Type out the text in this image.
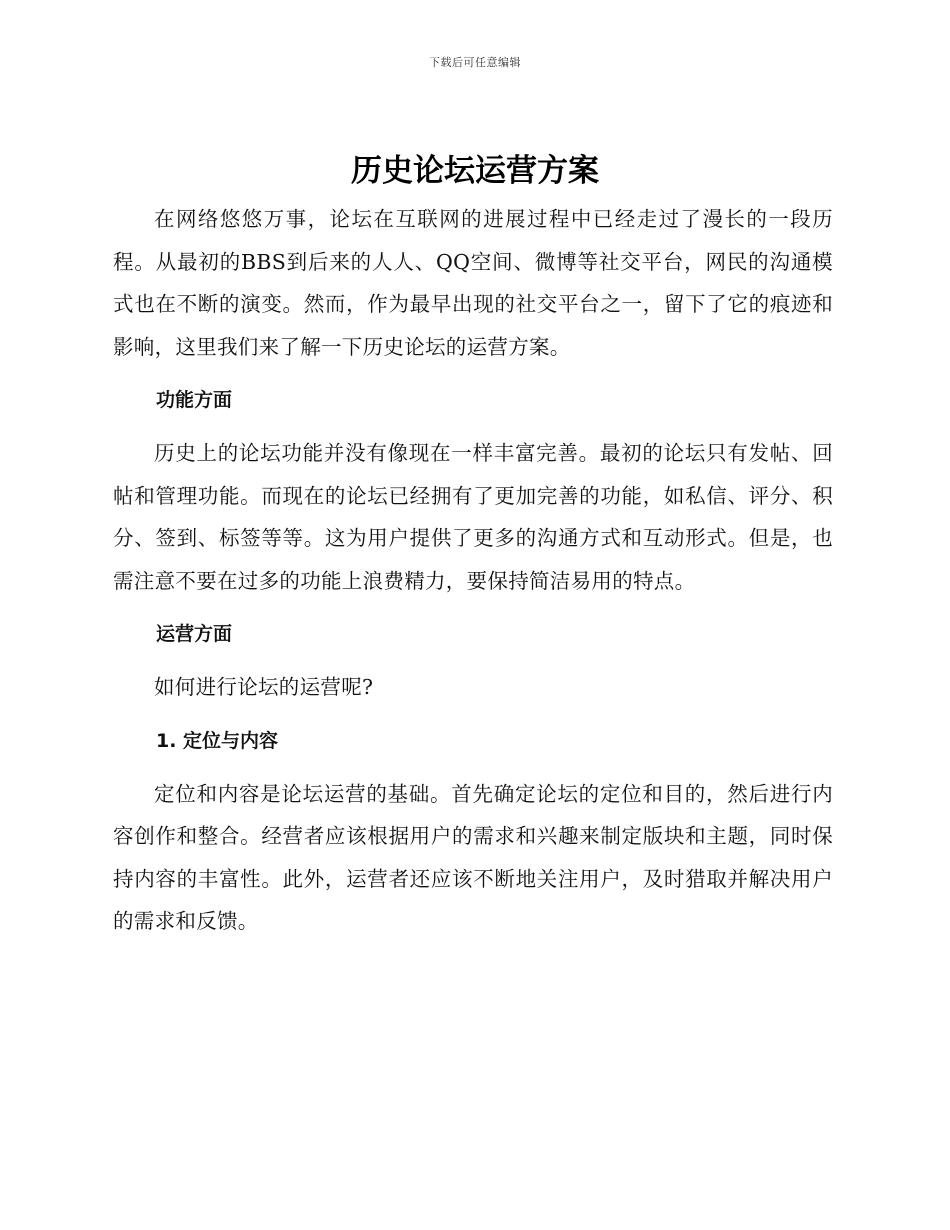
下载后可任意编辑
历史论坛运营方案

在网络悠悠万事，论坛在互联网的进展过程中已经走过了漫长的一段历程。从最初的BBS到后来的人人、QQ空间、微博等社交平台，网民的沟通模式也在不断的演变。然而，作为最早出现的社交平台之一，留下了它的痕迹和影响，这里我们来了解一下历史论坛的运营方案。

功能方面

历史上的论坛功能并没有像现在一样丰富完善。最初的论坛只有发帖、回帖和管理功能。而现在的论坛已经拥有了更加完善的功能，如私信、评分、积分、签到、标签等等。这为用户提供了更多的沟通方式和互动形式。但是，也需注意不要在过多的功能上浪费精力，要保持简洁易用的特点。

运营方面

如何进行论坛的运营呢?

1. 定位与内容

定位和内容是论坛运营的基础。首先确定论坛的定位和目的，然后进行内容创作和整合。经营者应该根据用户的需求和兴趣来制定版块和主题，同时保持内容的丰富性。此外，运营者还应该不断地关注用户，及时猎取并解决用户的需求和反馈。
